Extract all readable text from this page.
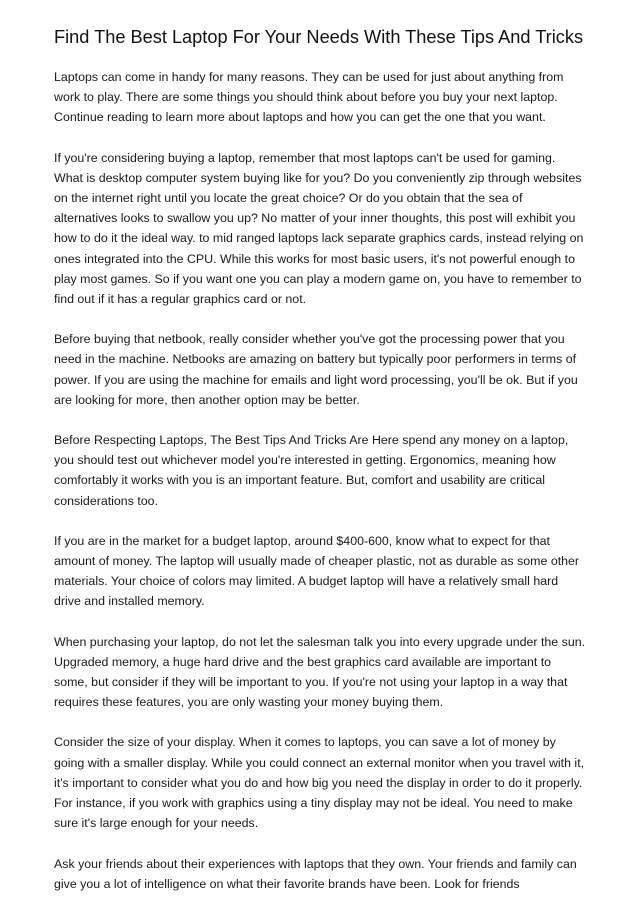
Find The Best Laptop For Your Needs With These Tips And Tricks

Laptops can come in handy for many reasons. They can be used for just about anything from work to play. There are some things you should think about before you buy your next laptop. Continue reading to learn more about laptops and how you can get the one that you want.

If you're considering buying a laptop, remember that most laptops can't be used for gaming. What is desktop computer system buying like for you? Do you conveniently zip through websites on the internet right until you locate the great choice? Or do you obtain that the sea of alternatives looks to swallow you up? No matter of your inner thoughts, this post will exhibit you how to do it the ideal way. to mid ranged laptops lack separate graphics cards, instead relying on ones integrated into the CPU. While this works for most basic users, it's not powerful enough to play most games. So if you want one you can play a modern game on, you have to remember to find out if it has a regular graphics card or not.

Before buying that netbook, really consider whether you've got the processing power that you need in the machine. Netbooks are amazing on battery but typically poor performers in terms of power. If you are using the machine for emails and light word processing, you'll be ok. But if you are looking for more, then another option may be better.

Before Respecting Laptops, The Best Tips And Tricks Are Here spend any money on a laptop, you should test out whichever model you're interested in getting. Ergonomics, meaning how comfortably it works with you is an important feature. But, comfort and usability are critical considerations too.

If you are in the market for a budget laptop, around $400-600, know what to expect for that amount of money. The laptop will usually made of cheaper plastic, not as durable as some other materials. Your choice of colors may limited. A budget laptop will have a relatively small hard drive and installed memory.

When purchasing your laptop, do not let the salesman talk you into every upgrade under the sun. Upgraded memory, a huge hard drive and the best graphics card available are important to some, but consider if they will be important to you. If you're not using your laptop in a way that requires these features, you are only wasting your money buying them.

Consider the size of your display. When it comes to laptops, you can save a lot of money by going with a smaller display. While you could connect an external monitor when you travel with it, it's important to consider what you do and how big you need the display in order to do it properly. For instance, if you work with graphics using a tiny display may not be ideal. You need to make sure it's large enough for your needs.

Ask your friends about their experiences with laptops that they own. Your friends and family can give you a lot of intelligence on what their favorite brands have been. Look for friends
